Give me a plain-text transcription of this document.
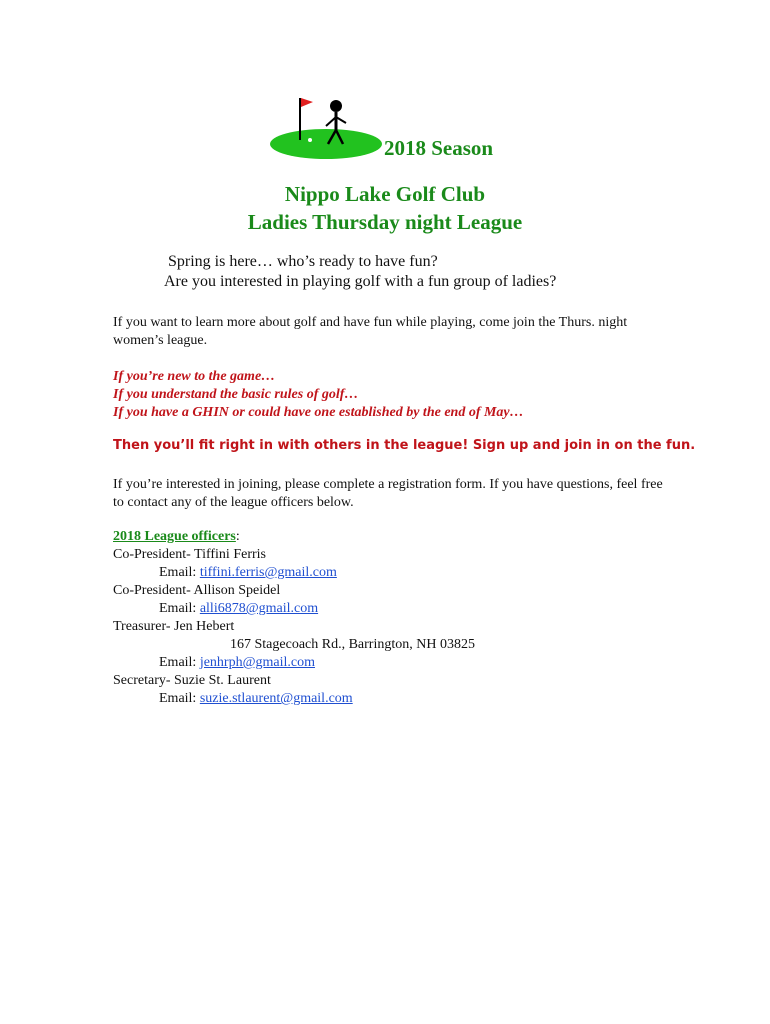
2018 Season
Nippo Lake Golf Club
Ladies Thursday night League
Spring is here… who’s ready to have fun?
Are you interested in playing golf with a fun group of ladies?
If you want to learn more about golf and have fun while playing, come join the Thurs. night women’s league.
If you’re new to the game…
If you understand the basic rules of golf…
If you have a GHIN or could have one established by the end of May…
Then you’ll fit right in with others in the league! Sign up and join in on the fun.
If you’re interested in joining, please complete a registration form. If you have questions, feel free to contact any of the league officers below.
2018 League officers:
Co-President- Tiffini Ferris
Email: tiffini.ferris@gmail.com
Co-President- Allison Speidel
Email: alli6878@gmail.com
Treasurer- Jen Hebert
167 Stagecoach Rd., Barrington, NH 03825
Email: jenhrph@gmail.com
Secretary- Suzie St. Laurent
Email: suzie.stlaurent@gmail.com
